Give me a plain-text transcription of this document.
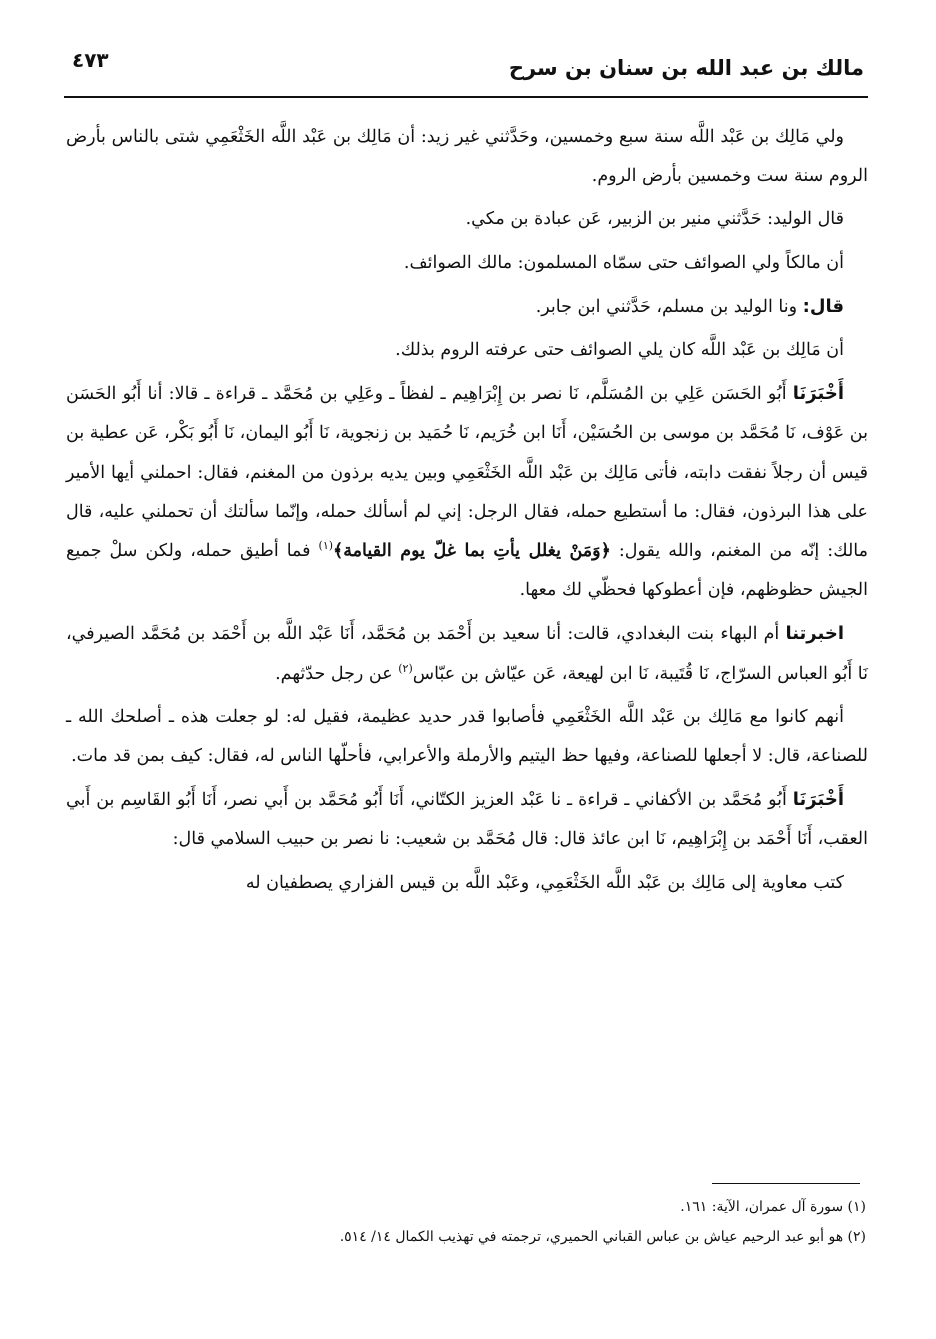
٤٧٣	مالك بن عبد الله بن سنان بن سرح

ولي مَالِك بن عَبْد اللَّه سنة سبع وخمسين، وحَدَّثني غير زيد: أن مَالِك بن عَبْد اللَّه الخَثْعَمِي شتى بالناس بأرض الروم سنة ست وخمسين بأرض الروم.

قال الوليد: حَدَّثني منير بن الزبير، عَن عبادة بن مكي.

أن مالكاً ولي الصوائف حتى سمّاه المسلمون: مالك الصوائف.

قال: ونا الوليد بن مسلم، حَدَّثني ابن جابر.

أن مَالِك بن عَبْد اللَّه كان يلي الصوائف حتى عرفته الروم بذلك.

أَخْبَرَنَا أَبُو الحَسَن عَلِي بن المُسَلَّم، نَا نصر بن إِبْرَاهِيم ـ لفظاً ـ وعَلِي بن مُحَمَّد ـ قراءة ـ قالا: أنا أَبُو الحَسَن بن عَوْف، نَا مُحَمَّد بن موسى بن الحُسَيْن، أَنَا ابن خُرَيم، نَا حُمَيد بن زنجوية، نَا أَبُو اليمان، نَا أَبُو بَكْر، عَن عطية بن قيس أن رجلاً نفقت دابته، فأتى مَالِك بن عَبْد اللَّه الخَثْعَمِي وبين يديه برذون من المغنم، فقال: احملني أيها الأمير على هذا البرذون، فقال: ما أستطيع حمله، فقال الرجل: إني لم أسألك حمله، وإنّما سألتك أن تحملني عليه، قال مالك: إنّه من المغنم، والله يقول: ﴿وَمَنْ يغلل يأتِ بما غلّ يوم القيامة﴾$^{(١)}$ فما أطيق حمله، ولكن سلْ جميع الجيش حظوظهم، فإن أعطوكها فحظّي لك معها.

اخبرتنا أم البهاء بنت البغدادي، قالت: أنا سعيد بن أَحْمَد بن مُحَمَّد، أَنَا عَبْد اللَّه بن أَحْمَد بن مُحَمَّد الصيرفي، نَا أَبُو العباس السرّاج، نَا قُتَيبة، نَا ابن لهيعة، عَن عيّاش بن عبّاس$^{(٢)}$ عن رجل حدّثهم.

أنهم كانوا مع مَالِك بن عَبْد اللَّه الخَثْعَمِي فأصابوا قدر حديد عظيمة، فقيل له: لو جعلت هذه ـ أصلحك الله ـ للصناعة، قال: لا أجعلها للصناعة، وفيها حظ اليتيم والأرملة والأعرابي، فأحلّها الناس له، فقال: كيف بمن قد مات.

أَخْبَرَنَا أَبُو مُحَمَّد بن الأكفاني ـ قراءة ـ نا عَبْد العزيز الكتّاني، أَنَا أَبُو مُحَمَّد بن أَبي نصر، أَنَا أَبُو القَاسِم بن أَبي العقب، أَنَا أَحْمَد بن إِبْرَاهِيم، نَا ابن عائذ قال: قال مُحَمَّد بن شعيب: نا نصر بن حبيب السلامي قال:

كتب معاوية إلى مَالِك بن عَبْد اللَّه الخَثْعَمِي، وعَبْد اللَّه بن قيس الفزاري يصطفيان له

(١) سورة آل عمران، الآية: ١٦١.

(٢) هو أبو عبد الرحيم عياش بن عباس القباني الحميري، ترجمته في تهذيب الكمال ١٤/ ٥١٤.
